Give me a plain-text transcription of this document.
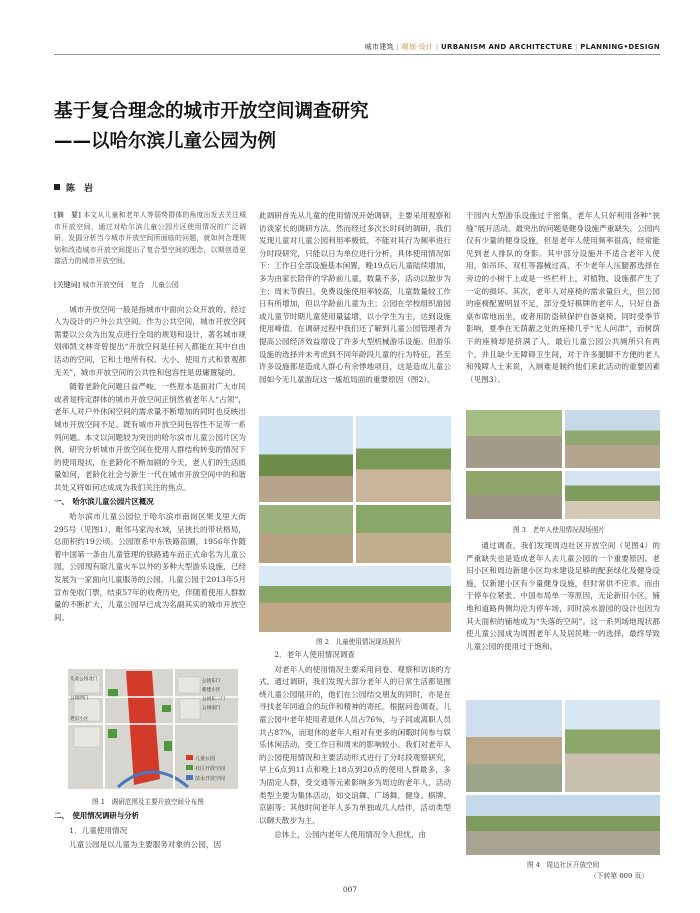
城市建筑 | 规划·设计 | URBANISM AND ARCHITECTURE | PLANNING•DESIGN
基于复合理念的城市开放空间调查研究
——以哈尔滨儿童公园为例
陈　岩
[摘　要] 本文从儿童和老年人等弱势群体的角度出发去关注城市开放空间，通过对哈尔滨儿童公园片区使用情况的广泛调研，发掘分析当今城市开放空间所面临的问题，就如何合理规划和改造城市开放空间提出了复合型空间的理念，以期创造更富活力的城市开放空间。
[关键词] 城市开放空间　复合　儿童公园
城市开放空间一般是指城市中面向公众开放的、经过人为设计的户外公共空间。作为公共空间，城市开放空间需要以公众为出发点进行全局的规划和设计，著名城市规划师凯文林奇曾提出“开放空间是任何人都能在其中自由活动的空间，它和土地所有权、大小、使用方式和景观都无关”，城市开放空间的公共性和包容性是毋庸置疑的。
随着老龄化问题日益严峻，一些原本是面对广大市民或者是特定群体的城市开放空间正悄然被老年人“占领”，老年人对户外休闲空间的需求量不断增加的同时也反映出城市开放空间不足、既有城市开放空间包容性不足等一系列问题。本文以问题较为突出的哈尔滨市儿童公园片区为例，研究分析城市开放空间在使用人群结构转变的情况下的使用现状，在老龄化不断加剧的今天，老人们的生活质量如何，老龄化社会与新生一代在城市开放空间中的和谐共处又将如何达成成为我们关注的焦点。
一、　哈尔滨儿童公园片区概况
哈尔滨市儿童公园位于哈尔滨市南岗区果戈里大街295号（见图1），毗邻马家沟水域，呈狭长的带状格局，总面积约19公顷。公园原系中东铁路苗圃，1956年作随着中国第一条由儿童管理的铁路通车而正式命名为儿童公园，公园现有除儿童火车以外的多种大型游乐设施，已经发展为一家面向儿童服务的公园。儿童公园于2013年5月宣布免收门票，结束57年的收费历史，伴随着使用人群数量的不断扩大，儿童公园早已成为名副其实的城市开放空间。
儿童公园
社区开放空间
滨水开放空间
儿童公园北门
公园西门
老旧小区
公园东门
新建小区
公园东二门
公园南门
图 1　调研范围及主要开放空间分布图
二、　使用情况调研与分析
1．儿童使用情况
儿童公园是以儿童为主要服务对象的公园，因
此调研首先从儿童的使用情况开始调研，主要采用观察和访谈家长的调研方法。然而经过多次长时间的调研，我们发现儿童对儿童公园利用率极低，不能对其行为频率进行分时段研究，只能以日为单位进行分析，具体使用情况如下：工作日全部设施基本闲置，晚19点后儿童陆续增加，多为由家长陪伴的学龄前儿童，数量不多，活动以散步为主；周末节假日，免费设施使用率较高，儿童数量较工作日有所增加，但以学龄前儿童为主；公园在学校组织游园或儿童节时期儿童使用量猛增，以小学生为主，达到设施使用峰值。在调研过程中我们还了解到儿童公园管理者为提高公园经济效益增设了许多大型机械游乐设施。但游乐设施的选择并未考虑到不同年龄段儿童的行为特征，甚至许多设施都是造成人群心有余悸地项目，这是造成儿童公园如今无儿童游玩这一尴尬局面的重要原因（图2）。
图 2　儿童使用情况现场照片
2．老年人使用情况调查
对老年人的使用情况主要采用问卷、观察和访谈的方式。通过调研，我们发现大部分老年人的日常生活都是围绕儿童公园展开的，他们在公园结交朋友的同时，亦是在寻找老年同道合的玩伴和精神的寄托。根据问卷调查，儿童公园中老年使用者退休人员占76%，与子同或离职人员共占87%，而退休的老年人相对有更多的闲暇时间参与娱乐休闲活动，受工作日和周末的影响较小。我们对老年人的公园使用情况和主要活动形式进行了分时段观察研究，早上6点到11点和晚上18点到20点的使用人群最多，多为固定人群，受交通等元素影响多为周边的老年人，活动类型主要为集体活动，如交谊舞、广场舞、健身、棋牌、京剧等；其他时间老年人多为单独或几人结伴，活动类型以聊天散步为主。
总体上，公园内老年人使用情况令人担忧，由
于园内大型游乐设施过于密集，老年人只好利用各种“狭缝”展开活动。最突出的问题是健身设施严重缺失，公园内仅有少量的健身设施，但是老年人使用频率很高，经常能见到老人排队的身影。其中部分设施并不适合老年人使用，如吊环、双杠等器械过高，不少老年人压腿都选择在旁边的小树干上或是一些栏杆上，对植物、设施都产生了一定的损坏。其次，老年人对座椅的需求量巨大，但公园的座椅配置明显不足，部分受好棋牌的老年人，只好自备桌布席地而坐，或者用防盗锁保护自备桌椅。同时受季节影响，夏季在无荫蔽之处的座椅几乎“无人问津”，而树荫下的座椅却是挤满了人。最后儿童公园公共厕所只有两个，并且缺少无障碍卫生间，对于许多腿脚不方便的老人和残障人士来说，入厕难是制约他们来此活动的重要因素（见图3）。
图 3　老年人使用情况现场照片
通过调查，我们发现周边社区开放空间（见图4）的严重缺失也是造成老年人去儿童公园的一个重要原因。老旧小区和周边新建小区均未建设足够的配套绿化及健身设施，仅新建小区有少量健身设施，但时常供不应求。而由于停车位紧张、中国布局单一等原因，无论新旧小区，铺地和道路两侧均沦为停车场，同时滨水游园的设计也因为其大面积的铺地成为“失落的空间”。这一系列场地现状都使儿童公园成为周围老年人及居民唯一的选择，最终导致儿童公园的使用过于饱和。
图 4　周边社区开放空间
（下转第 009 页）
007
